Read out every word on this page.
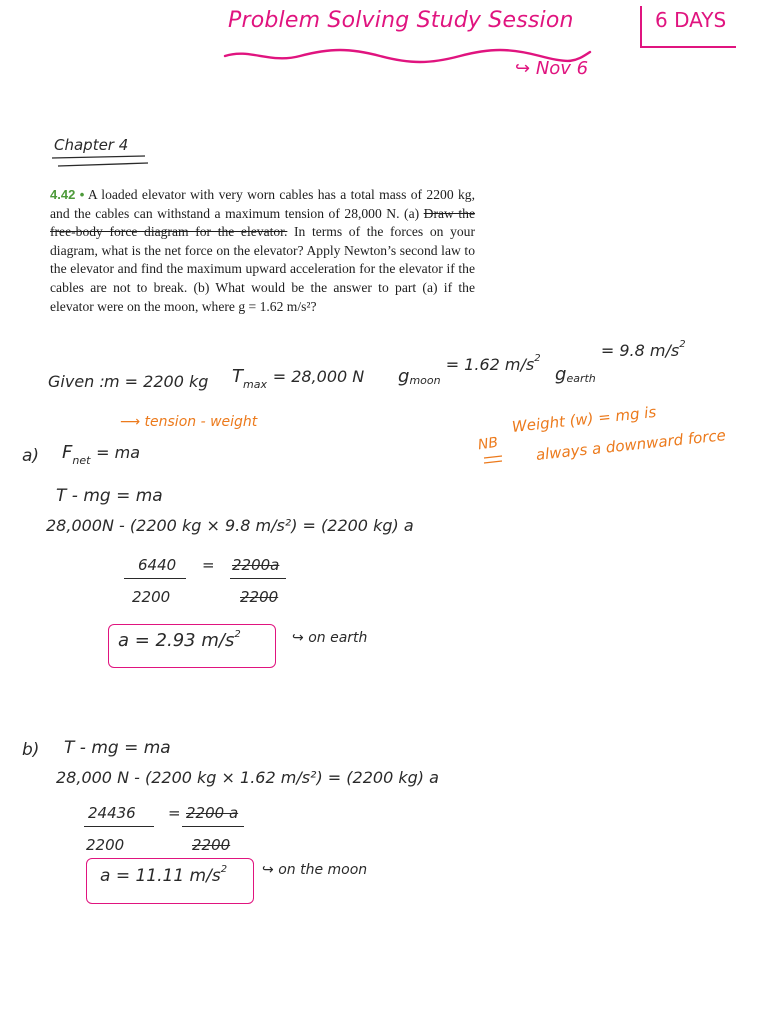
Problem Solving Study Session	6 DAYS
↪ Nov 6
Chapter 4
4.42 • A loaded elevator with very worn cables has a total mass of 2200 kg, and the cables can withstand a maximum tension of 28,000 N. (a) Draw the free-body force diagram for the elevator. In terms of the forces on your diagram, what is the net force on the elevator? Apply Newton’s second law to the elevator and find the maximum upward acceleration for the elevator if the cables are not to break. (b) What would be the answer to part (a) if the elevator were on the moon, where g = 1.62 m/s²?
Given : m = 2200 kg $T_{max} = 28,000$ N $g_{moon} = 1.62$ $m/s^2$
$g_{earth} = 9.8$ $m/s^2$
⟶ tension - weight
a) $F_{net}$ = ma
T - mg = ma
28,000N - (2200 kg × 9.8 m/s²) = (2200 kg) a
6440
2200
= 2200a
2200
a = 2.93 $m/s^2$	↪ on earth
NB
Weight (w) = mg is
always a downward force
b) T - mg = ma
28,000 N - (2200 kg × 1.62 m/s²) = (2200 kg) a
24436
2200
= 2200 a
2200
a = 11.11 $m/s^2$ ↪ on the moon
